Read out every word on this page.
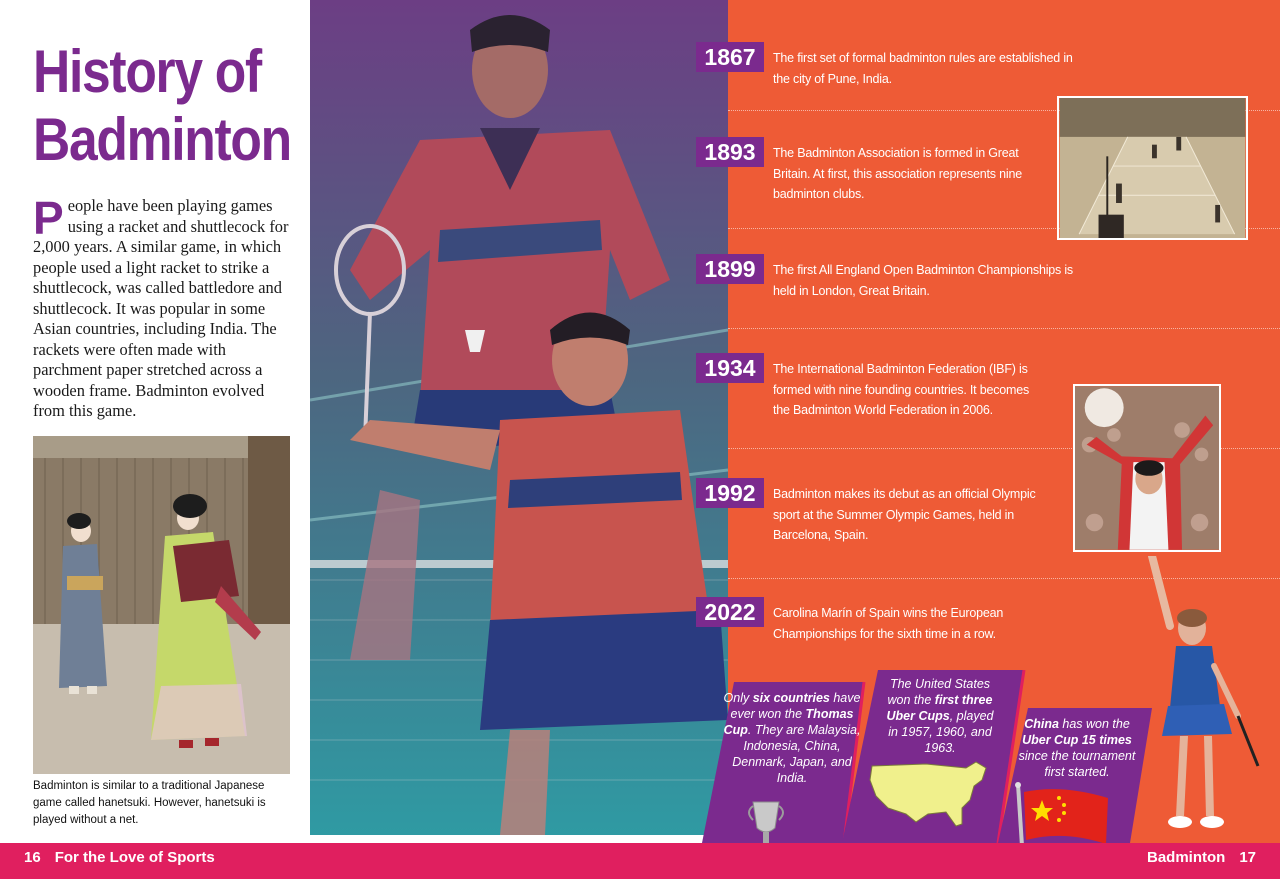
History of
Badminton

People have been playing games using a racket and shuttlecock for 2,000 years. A similar game, in which people used a light racket to strike a shuttlecock, was called battledore and shuttlecock. It was popular in some Asian countries, including India. The rackets were often made with parchment paper stretched across a wooden frame. Badminton evolved from this game.

Badminton is similar to a traditional Japanese game called hanetsuki. However, hanetsuki is played without a net.

1867	The first set of formal badminton rules are established in the city of Pune, India.
1893	The Badminton Association is formed in Great Britain. At first, this association represents nine badminton clubs.
1899	The first All England Open Badminton Championships is held in London, Great Britain.
1934	The International Badminton Federation (IBF) is formed with nine founding countries. It becomes the Badminton World Federation in 2006.
1992	Badminton makes its debut as an official Olympic sport at the Summer Olympic Games, held in Barcelona, Spain.
2022	Carolina Marín of Spain wins the European Championships for the sixth time in a row.
Only six countries have ever won the Thomas Cup. They are Malaysia, Indonesia, China, Denmark, Japan, and India.
The United States won the first three Uber Cups, played in 1957, 1960, and 1963.
China has won the Uber Cup 15 times since the tournament first started.
16 For the Love of Sports	Badminton 17
